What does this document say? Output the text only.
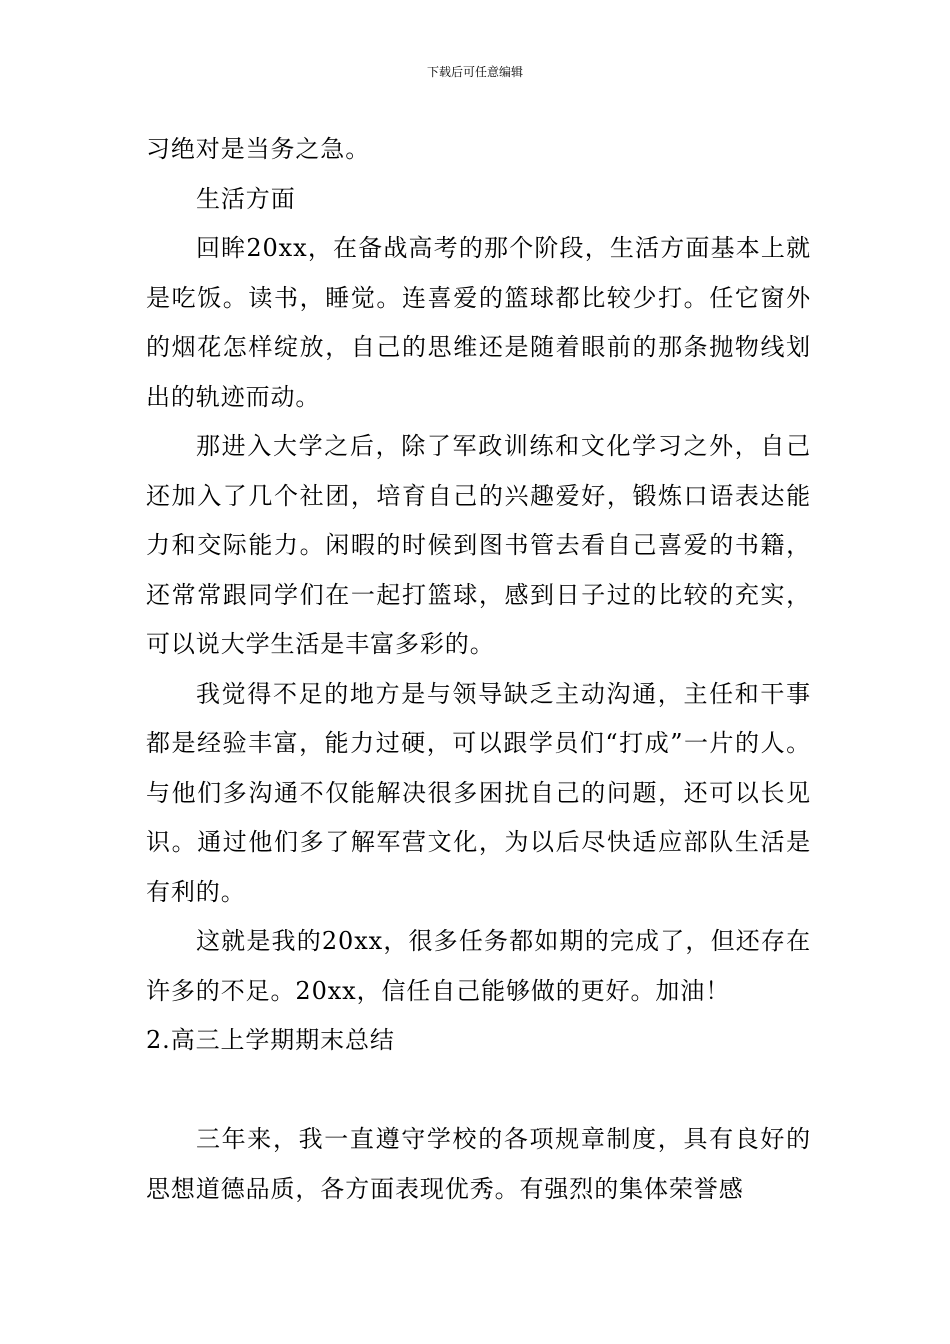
下载后可任意编辑

习绝对是当务之急。

生活方面

回眸20xx，在备战高考的那个阶段，生活方面基本上就是吃饭。读书，睡觉。连喜爱的篮球都比较少打。任它窗外的烟花怎样绽放，自己的思维还是随着眼前的那条抛物线划出的轨迹而动。

那进入大学之后，除了军政训练和文化学习之外，自己还加入了几个社团，培育自己的兴趣爱好，锻炼口语表达能力和交际能力。闲暇的时候到图书管去看自己喜爱的书籍，还常常跟同学们在一起打篮球，感到日子过的比较的充实，可以说大学生活是丰富多彩的。

我觉得不足的地方是与领导缺乏主动沟通，主任和干事都是经验丰富，能力过硬，可以跟学员们“打成”一片的人。与他们多沟通不仅能解决很多困扰自己的问题，还可以长见识。通过他们多了解军营文化，为以后尽快适应部队生活是有利的。

这就是我的20xx，很多任务都如期的完成了，但还存在许多的不足。20xx，信任自己能够做的更好。加油！

2.高三上学期期末总结

三年来，我一直遵守学校的各项规章制度，具有良好的思想道德品质，各方面表现优秀。有强烈的集体荣誉感
